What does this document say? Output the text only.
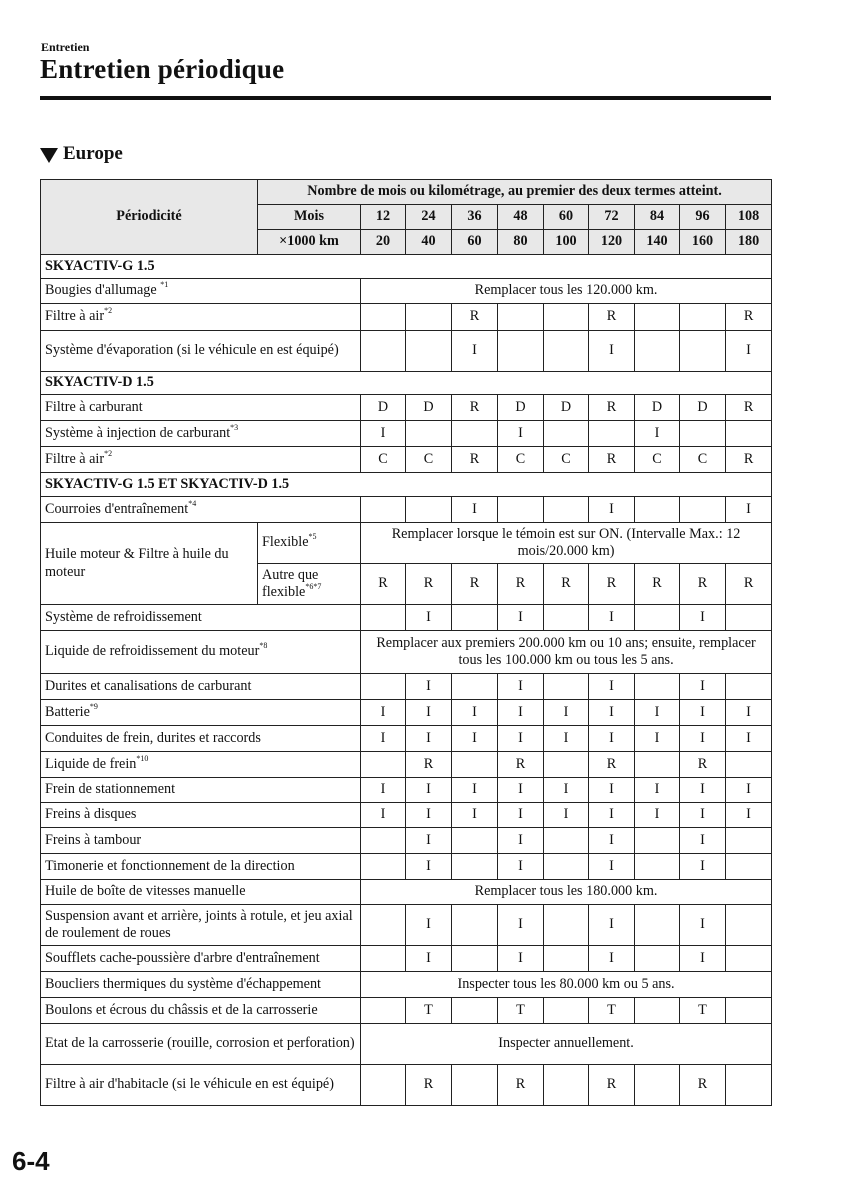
Entretien
Entretien périodique
Europe
Périodicité	Nombre de mois ou kilométrage, au premier des deux termes atteint.									
	Mois	12	24	36	48	60	72	84	96	108
	×1000 km	20	40	60	80	100	120	140	160	180
SKYACTIV-G 1.5										
Bougies d'allumage $^{*1}$		Remplacer tous les 120.000 km.								
Filtre à air$^{*2}$				R			R			R
Système d'évaporation (si le véhicule en est équipé)				I			I			I
SKYACTIV-D 1.5										
Filtre à carburant		D	D	R	D	D	R	D	D	R
Système à injection de carburant$^{*3}$		I			I			I		
Filtre à air$^{*2}$		C	C	R	C	C	R	C	C	R
SKYACTIV-G 1.5 ET SKYACTIV-D 1.5										
Courroies d'entraînement$^{*4}$				I			I			I
Huile moteur & Filtre à huile du moteur	Flexible$^{*5}$	Remplacer lorsque le témoin est sur ON. (Intervalle Max.: 12 mois/20.000 km)								
	Autre que flexible$^{*6*7}$	R	R	R	R	R	R	R	R	R
Système de refroidissement			I		I		I		I	
Liquide de refroidissement du moteur$^{*8}$		Remplacer aux premiers 200.000 km ou 10 ans; ensuite, remplacer tous les 100.000 km ou tous les 5 ans.								
Durites et canalisations de carburant			I		I		I		I	
Batterie$^{*9}$		I	I	I	I	I	I	I	I	I
Conduites de frein, durites et raccords		I	I	I	I	I	I	I	I	I
Liquide de frein$^{*10}$			R		R		R		R	
Frein de stationnement		I	I	I	I	I	I	I	I	I
Freins à disques		I	I	I	I	I	I	I	I	I
Freins à tambour			I		I		I		I	
Timonerie et fonctionnement de la direction			I		I		I		I	
Huile de boîte de vitesses manuelle		Remplacer tous les 180.000 km.								
Suspension avant et arrière, joints à rotule, et jeu axial de roulement de roues			I		I		I		I	
Soufflets cache-poussière d'arbre d'entraînement			I		I		I		I	
Boucliers thermiques du système d'échappement		Inspecter tous les 80.000 km ou 5 ans.								
Boulons et écrous du châssis et de la carrosserie			T		T		T		T	
Etat de la carrosserie (rouille, corrosion et perforation)		Inspecter annuellement.								
Filtre à air d'habitacle (si le véhicule en est équipé)			R		R		R		R	
6-4
